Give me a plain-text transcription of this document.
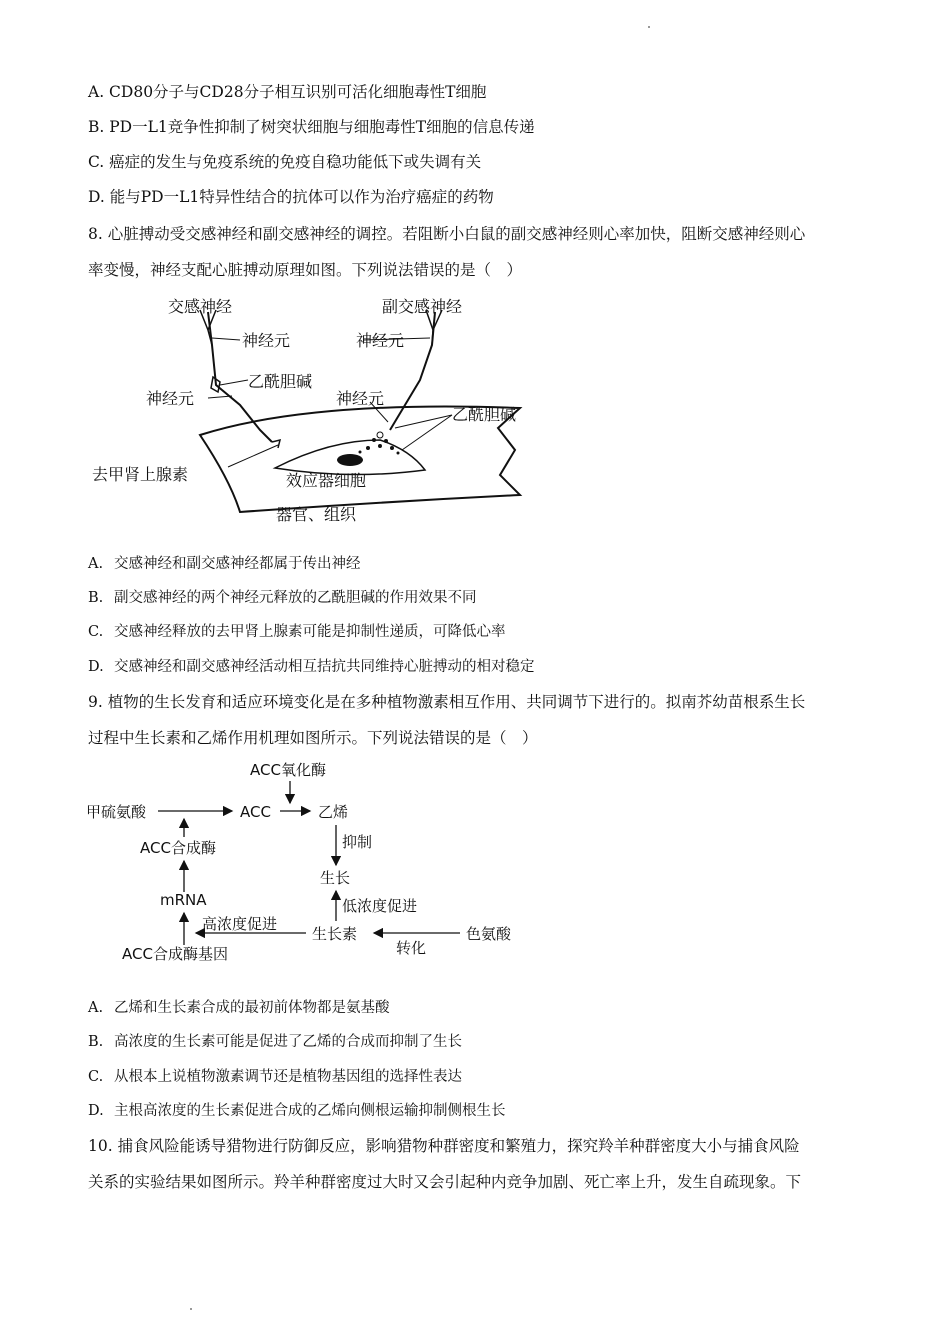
A. CD80分子与CD28分子相互识别可活化细胞毒性T细胞
B. PD一L1竞争性抑制了树突状细胞与细胞毒性T细胞的信息传递
C. 癌症的发生与免疫系统的免疫自稳功能低下或失调有关
D. 能与PD一L1特异性结合的抗体可以作为治疗癌症的药物
8. 心脏搏动受交感神经和副交感神经的调控。若阻断小白鼠的副交感神经则心率加快，阻断交感神经则心
率变慢，神经支配心脏搏动原理如图。下列说法错误的是（　）
交感神经	副交感神经
神经元	神经元
乙酰胆碱
神经元	神经元
乙酰胆碱
去甲肾上腺素	效应器细胞
器官、组织
A. 交感神经和副交感神经都属于传出神经
B. 副交感神经的两个神经元释放的乙酰胆碱的作用效果不同
C. 交感神经释放的去甲肾上腺素可能是抑制性递质，可降低心率
D. 交感神经和副交感神经活动相互拮抗共同维持心脏搏动的相对稳定
9. 植物的生长发育和适应环境变化是在多种植物激素相互作用、共同调节下进行的。拟南芥幼苗根系生长
过程中生长素和乙烯作用机理如图所示。下列说法错误的是（　）
ACC氧化酶
甲硫氨酸	ACC	乙烯
抑制
ACC合成酶
生长
mRNA	低浓度促进
高浓度促进
生长素	色氨酸
ACC合成酶基因	转化
A. 乙烯和生长素合成的最初前体物都是氨基酸
B. 高浓度的生长素可能是促进了乙烯的合成而抑制了生长
C. 从根本上说植物激素调节还是植物基因组的选择性表达
D. 主根高浓度的生长素促进合成的乙烯向侧根运输抑制侧根生长
10. 捕食风险能诱导猎物进行防御反应，影响猎物种群密度和繁殖力，探究羚羊种群密度大小与捕食风险
关系的实验结果如图所示。羚羊种群密度过大时又会引起种内竞争加剧、死亡率上升，发生自疏现象。下
